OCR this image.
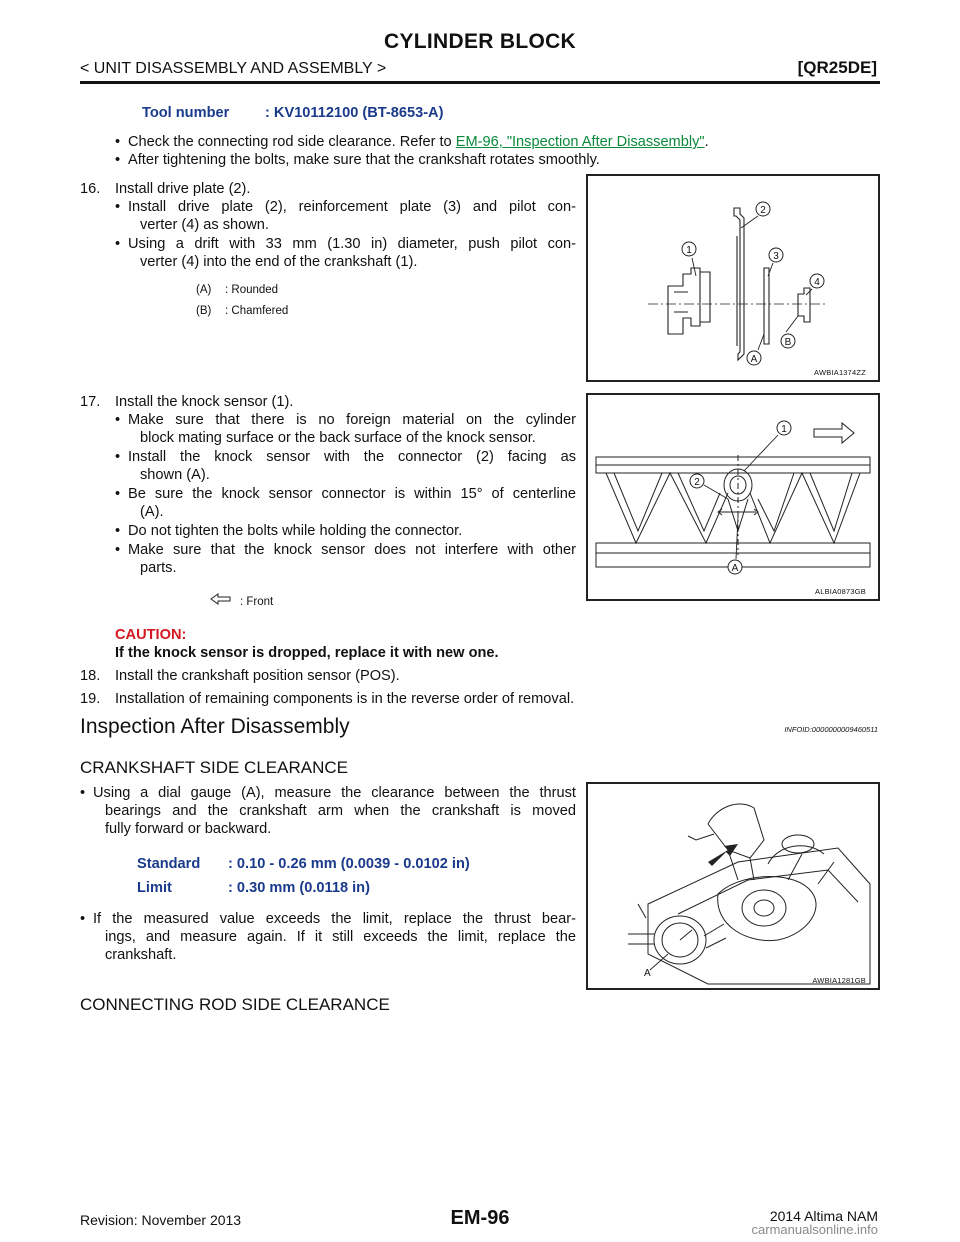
CYLINDER BLOCK
< UNIT DISASSEMBLY AND ASSEMBLY >	[QR25DE]
Tool number : KV10112100 (BT-8653-A)
• Check the connecting rod side clearance. Refer to EM-96, "Inspection After Disassembly".
• After tightening the bolts, make sure that the crankshaft rotates smoothly.
16. Install drive plate (2).
• Install drive plate (2), reinforcement plate (3) and pilot con-
verter (4) as shown.
• Using a drift with 33 mm (1.30 in) diameter, push pilot con-
verter (4) into the end of the crankshaft (1).
(A) : Rounded
(B) : Chamfered
1
2
3
4
A
B
AWBIA1374ZZ
17. Install the knock sensor (1).
• Make sure that there is no foreign material on the cylinder
block mating surface or the back surface of the knock sensor.
• Install the knock sensor with the connector (2) facing as
shown (A).
• Be sure the knock sensor connector is within 15° of centerline
(A).
• Do not tighten the bolts while holding the connector.
• Make sure that the knock sensor does not interfere with other
parts.
: Front
1
2
A
ALBIA0873GB
CAUTION:
If the knock sensor is dropped, replace it with new one.
18. Install the crankshaft position sensor (POS).
19. Installation of remaining components is in the reverse order of removal.
Inspection After Disassembly	INFOID:0000000009460511
CRANKSHAFT SIDE CLEARANCE
• Using a dial gauge (A), measure the clearance between the thrust
bearings and the crankshaft arm when the crankshaft is moved
fully forward or backward.
Standard : 0.10 - 0.26 mm (0.0039 - 0.0102 in)
Limit	: 0.30 mm (0.0118 in)
• If the measured value exceeds the limit, replace the thrust bear-
ings, and measure again. If it still exceeds the limit, replace the
crankshaft.
A
AWBIA1281GB
CONNECTING ROD SIDE CLEARANCE
Revision: November 2013	EM-96
carmanualsonline.info
2014 Altima NAM
